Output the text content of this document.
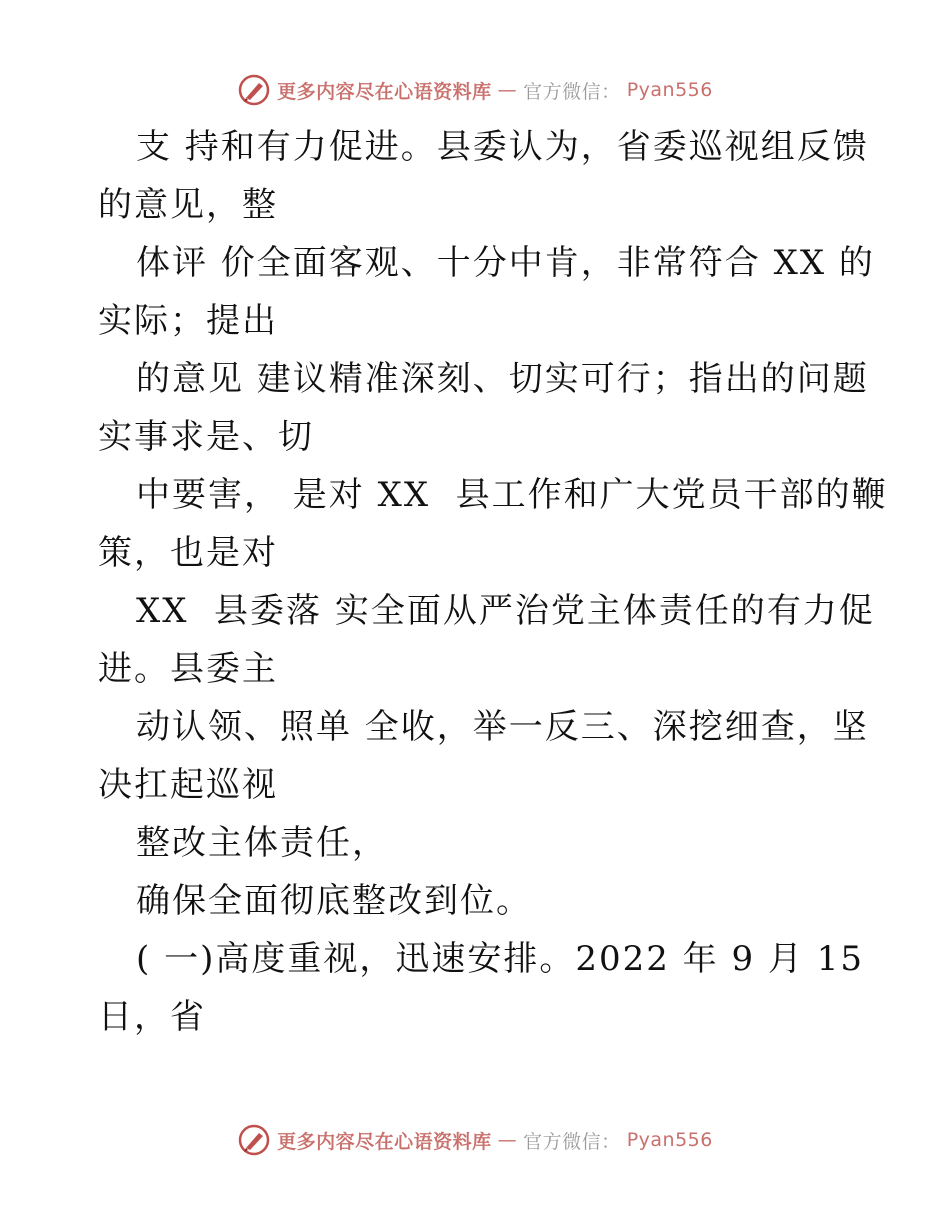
更多内容尽在心语资料库 — 官方微信： Pyan556
支 持和有力促进。县委认为，省委巡视组反馈
的意见，整
体评 价全面客观、十分中肯，非常符合 XX 的
实际；提出
的意见 建议精准深刻、切实可行；指出的问题
实事求是、切
中要害， 是对 XX  县工作和广大党员干部的鞭
策，也是对
XX  县委落 实全面从严治党主体责任的有力促
进。县委主
动认领、照单 全收，举一反三、深挖细查，坚
决扛起巡视
整改主体责任，
确保全面彻底整改到位。
( 一)高度重视，迅速安排。2022 年 9 月 15
日，省
更多内容尽在心语资料库 — 官方微信： Pyan556
